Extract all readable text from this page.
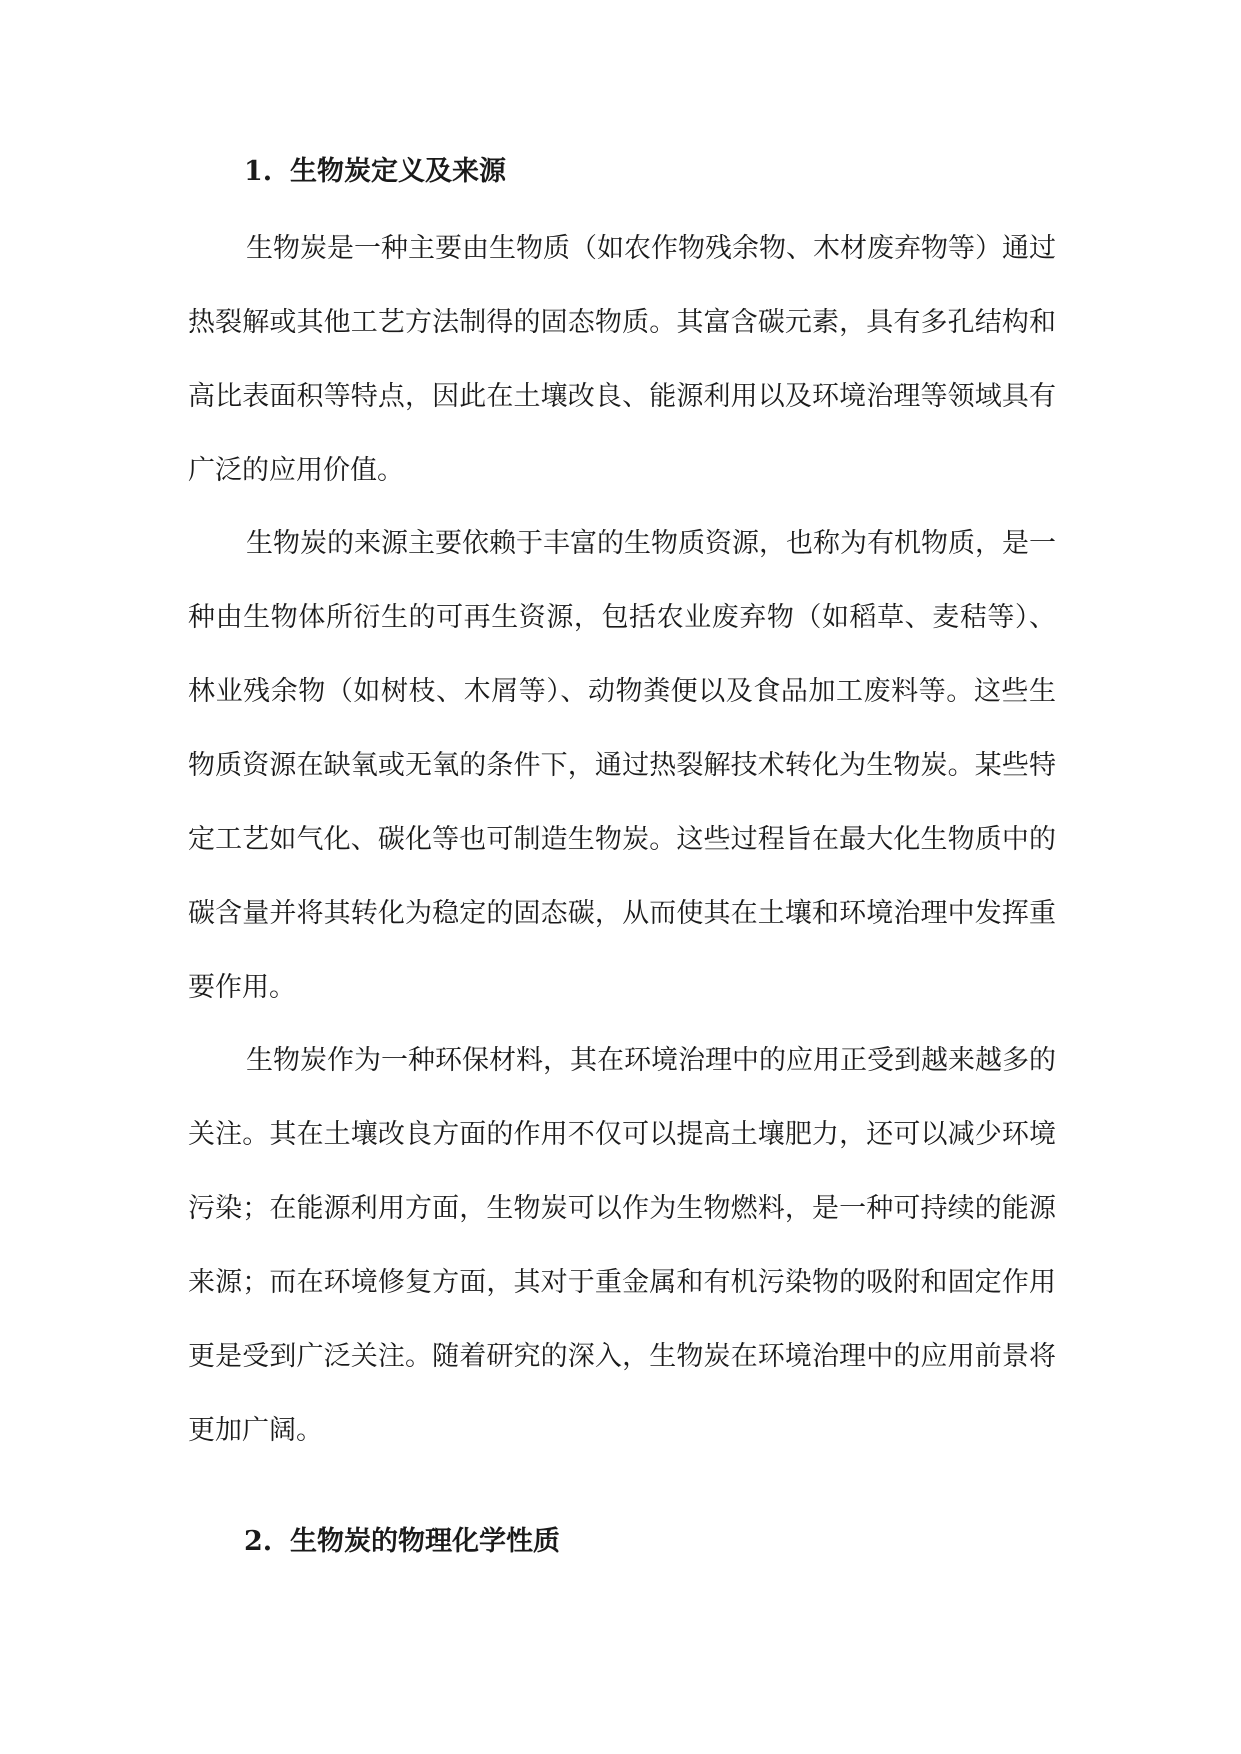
1. 生物炭定义及来源

生物炭是一种主要由生物质（如农作物残余物、木材废弃物等）通过热裂解或其他工艺方法制得的固态物质。其富含碳元素，具有多孔结构和高比表面积等特点，因此在土壤改良、能源利用以及环境治理等领域具有广泛的应用价值。

生物炭的来源主要依赖于丰富的生物质资源，也称为有机物质，是一种由生物体所衍生的可再生资源，包括农业废弃物（如稻草、麦秸等）、林业残余物（如树枝、木屑等）、动物粪便以及食品加工废料等。这些生物质资源在缺氧或无氧的条件下，通过热裂解技术转化为生物炭。某些特定工艺如气化、碳化等也可制造生物炭。这些过程旨在最大化生物质中的碳含量并将其转化为稳定的固态碳，从而使其在土壤和环境治理中发挥重要作用。

生物炭作为一种环保材料，其在环境治理中的应用正受到越来越多的关注。其在土壤改良方面的作用不仅可以提高土壤肥力，还可以减少环境污染；在能源利用方面，生物炭可以作为生物燃料，是一种可持续的能源来源；而在环境修复方面，其对于重金属和有机污染物的吸附和固定作用更是受到广泛关注。随着研究的深入，生物炭在环境治理中的应用前景将更加广阔。

2. 生物炭的物理化学性质
